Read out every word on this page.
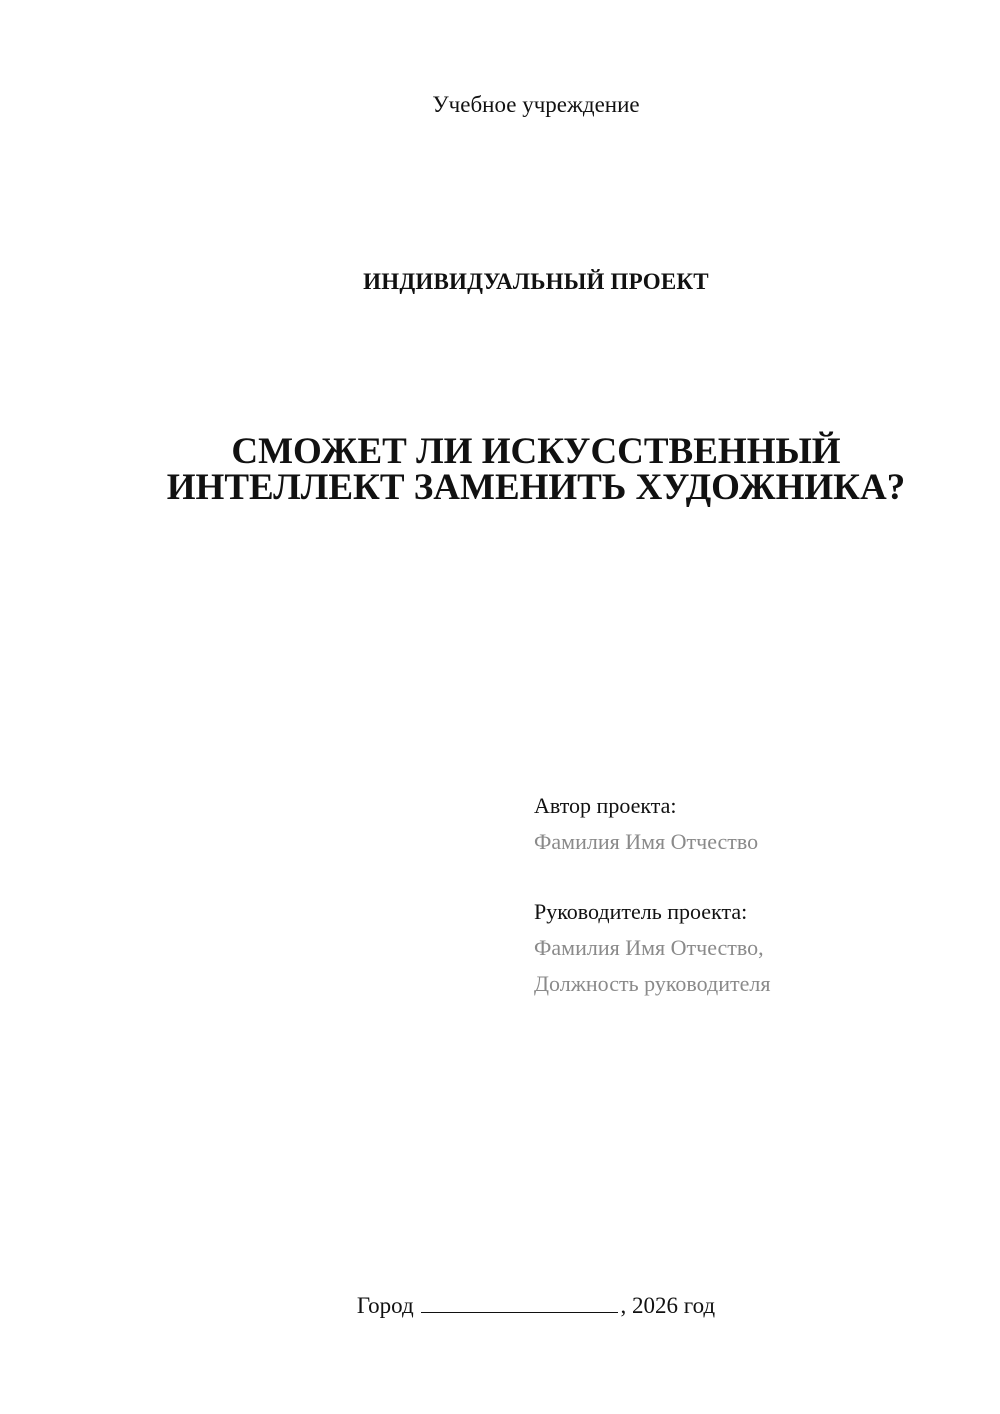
Учебное учреждение
ИНДИВИДУАЛЬНЫЙ ПРОЕКТ
СМОЖЕТ ЛИ ИСКУССТВЕННЫЙ
ИНТЕЛЛЕКТ ЗАМЕНИТЬ ХУДОЖНИКА?
Автор проекта:
Фамилия Имя Отчество
Руководитель проекта:
Фамилия Имя Отчество,
Должность руководителя
Город	, 2026 год
